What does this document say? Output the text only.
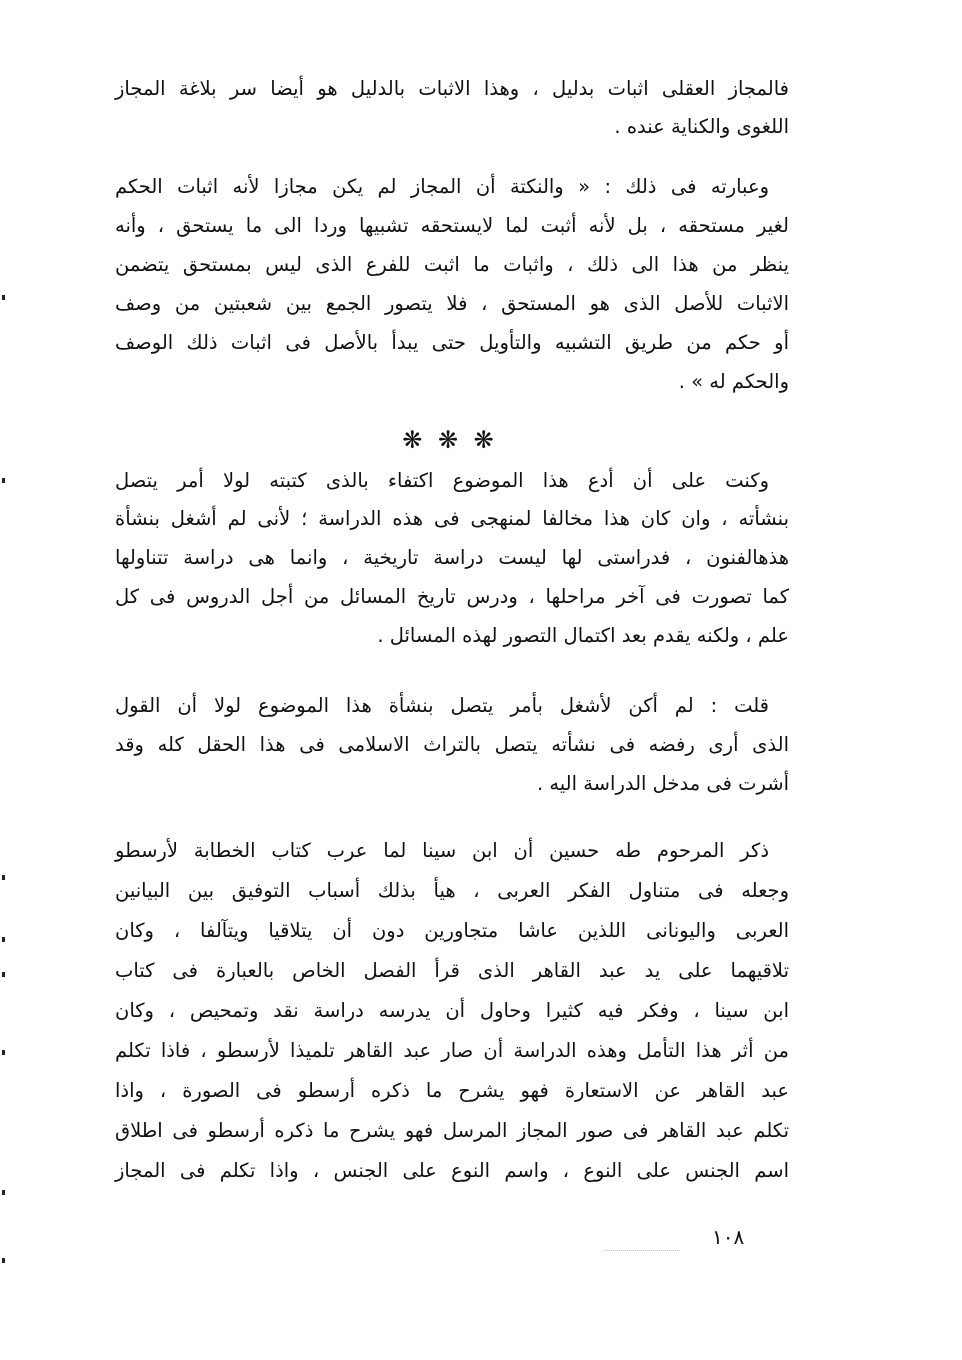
فالمجاز العقلى اثبات بدليل ، وهذا الاثبات بالدليل هو أيضا سر بلاغة المجاز

اللغوى والكناية عنده .

وعبارته فى ذلك : « والنكتة أن المجاز لم يكن مجازا لأنه اثبات الحكم

لغير مستحقه ، بل لأنه أثبت لما لايستحقه تشبيها وردا الى ما يستحق ، وأنه

ينظر من هذا الى ذلك ، واثبات ما اثبت للفرع الذى ليس بمستحق يتضمن

الاثبات للأصل الذى هو المستحق ، فلا يتصور الجمع بين شعبتين من وصف

أو حكم من طريق التشبيه والتأويل حتى يبدأ بالأصل فى اثبات ذلك الوصف

والحكم له » .

❋ ❋ ❋

وكنت على أن أدع هذا الموضوع اكتفاء بالذى كتبته لولا أمر يتصل

بنشأته ، وان كان هذا مخالفا لمنهجى فى هذه الدراسة ؛ لأنى لم أشغل بنشأة

هذهالفنون ، فدراستى لها ليست دراسة تاريخية ، وانما هى دراسة تتناولها

كما تصورت فى آخر مراحلها ، ودرس تاريخ المسائل من أجل الدروس فى كل

علم ، ولكنه يقدم بعد اكتمال التصور لهذه المسائل .

قلت : لم أكن لأشغل بأمر يتصل بنشأة هذا الموضوع لولا أن القول

الذى أرى رفضه فى نشأته يتصل بالتراث الاسلامى فى هذا الحقل كله وقد

أشرت فى مدخل الدراسة اليه .

ذكر المرحوم طه حسين أن ابن سينا لما عرب كتاب الخطابة لأرسطو

وجعله فى متناول الفكر العربى ، هيأ بذلك أسباب التوفيق بين البيانين

العربى واليونانى اللذين عاشا متجاورين دون أن يتلاقيا ويتآلفا ، وكان

تلاقيهما على يد عبد القاهر الذى قرأ الفصل الخاص بالعبارة فى كتاب

ابن سينا ، وفكر فيه كثيرا وحاول أن يدرسه دراسة نقد وتمحيص ، وكان

من أثر هذا التأمل وهذه الدراسة أن صار عبد القاهر تلميذا لأرسطو ، فاذا تكلم

عبد القاهر عن الاستعارة فهو يشرح ما ذكره أرسطو فى الصورة ، واذا

تكلم عبد القاهر فى صور المجاز المرسل فهو يشرح ما ذكره أرسطو فى اطلاق

اسم الجنس على النوع ، واسم النوع على الجنس ، واذا تكلم فى المجاز

١٠٨
